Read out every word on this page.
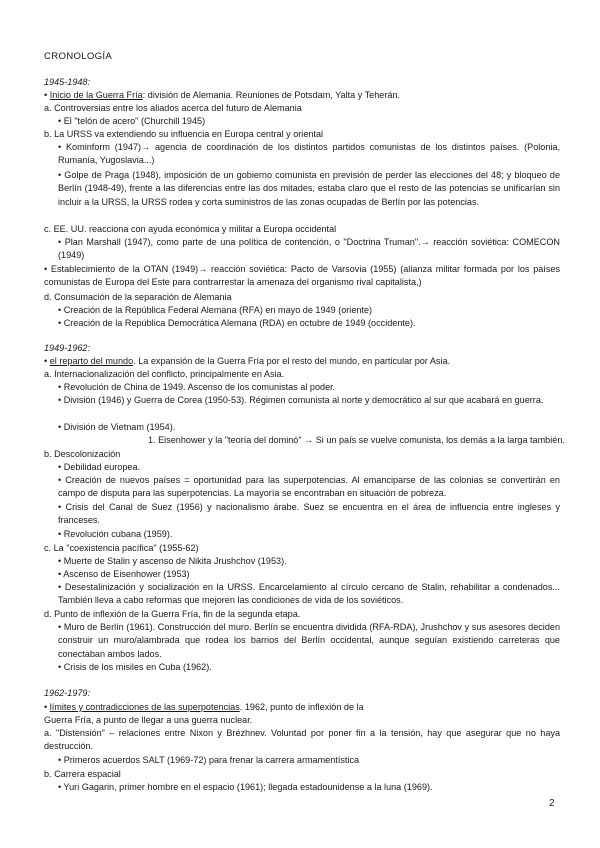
CRONOLOGÍA
1945-1948:
• Inicio de la Guerra Fría: división de Alemania. Reuniones de Potsdam, Yalta y Teherán.
a. Controversias entre los aliados acerca del futuro de Alemania
• El "telón de acero" (Churchill 1945)
b. La URSS va extendiendo su influencia en Europa central y oriental
• Kominform (1947)→ agencia de coordinación de los distintos partidos comunistas de los distintos países. (Polonia, Rumanía, Yugoslavia...)
• Golpe de Praga (1948), imposición de un gobierno comunista en previsión de perder las elecciones del 48; y bloqueo de Berlín (1948-49), frente a las diferencias entre las dos mitades, estaba claro que el resto de las potencias se unificarían sin incluir a la URSS, la URSS rodea y corta suministros de las zonas ocupadas de Berlín por las potencias.
c. EE. UU. reacciona con ayuda económica y militar a Europa occidental
• Plan Marshall (1947), como parte de una política de contención, o "Doctrina Truman".→ reacción soviética: COMECON (1949)
• Establecimiento de la OTAN (1949)→ reacción soviética: Pacto de Varsovia (1955) (alianza militar formada por los países comunistas de Europa del Este para contrarrestar la amenaza del organismo rival capitalista,)
d. Consumación de la separación de Alemania
• Creación de la República Federal Alemana (RFA) en mayo de 1949 (oriente)
• Creación de la República Democrática Alemana (RDA) en octubre de 1949 (occidente).
1949-1962:
• el reparto del mundo. La expansión de la Guerra Fría por el resto del mundo, en particular por Asia.
a. Internacionalización del conflicto, principalmente en Asia.
• Revolución de China de 1949. Ascenso de los comunistas al poder.
• División (1946) y Guerra de Corea (1950-53). Régimen comunista al norte y democrático al sur que acabará en guerra.
• División de Vietnam (1954).
1. Eisenhower y la "teoría del dominó" → Si un país se vuelve comunista, los demás a la larga también.
b. Descolonización
• Debilidad europea.
• Creación de nuevos países = oportunidad para las superpotencias. Al emanciparse de las colonias se convertirán en campo de disputa para las superpotencias. La mayoría se encontraban en situación de pobreza.
• Crisis del Canal de Suez (1956) y nacionalismo árabe. Suez se encuentra en el área de influencia entre ingleses y franceses.
• Revolución cubana (1959).
c. La "coexistencia pacífica" (1955-62)
• Muerte de Stalin y ascenso de Nikita Jrushchov (1953).
• Ascenso de Eisenhower (1953)
• Desestalinización y socialización en la URSS. Encarcelamiento al círculo cercano de Stalin, rehabilitar a condenados... También lleva a cabo reformas que mejoren las condiciones de vida de los soviéticos.
d. Punto de inflexión de la Guerra Fría, fin de la segunda etapa.
• Muro de Berlín (1961). Construcción del muro. Berlín se encuentra dividida (RFA-RDA), Jrushchov y sus asesores deciden construir un muro/alambrada que rodea los barrios del Berlín occidental, aunque seguían existiendo carreteras que conectaban ambos lados.
• Crisis de los misiles en Cuba (1962).
1962-1979:
• límites y contradicciones de las superpotencias. 1962, punto de inflexión de la
Guerra Fría, a punto de llegar a una guerra nuclear.
a. "Distensión" – relaciones entre Nixon y Brézhnev. Voluntad por poner fin a la tensión, hay que asegurar que no haya destrucción.
• Primeros acuerdos SALT (1969-72) para frenar la carrera armamentística
b. Carrera espacial
• Yuri Gagarin, primer hombre en el espacio (1961); llegada estadounidense a la luna (1969).
2
